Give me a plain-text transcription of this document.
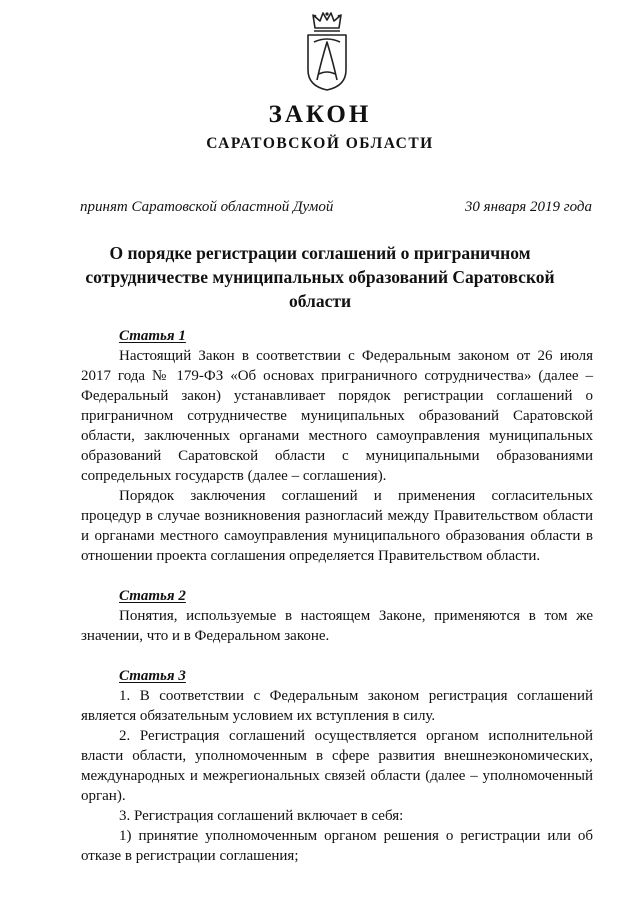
ЗАКОН
САРАТОВСКОЙ ОБЛАСТИ
принят Саратовской областной Думой	30 января 2019 года
О порядке регистрации соглашений о приграничном сотрудничестве муниципальных образований Саратовской области
Статья 1

Настоящий Закон в соответствии с Федеральным законом от 26 июля 2017 года № 179-ФЗ «Об основах приграничного сотрудничества» (далее – Федеральный закон) устанавливает порядок регистрации соглашений о приграничном сотрудничестве муниципальных образований Саратовской области, заключенных органами местного самоуправления муниципальных образований Саратовской области с муниципальными образованиями сопредельных государств (далее – соглашения).

Порядок заключения соглашений и применения согласительных процедур в случае возникновения разногласий между Правительством области и органами местного самоуправления муниципального образования области в отношении проекта соглашения определяется Правительством области.

Статья 2

Понятия, используемые в настоящем Законе, применяются в том же значении, что и в Федеральном законе.

Статья 3

1. В соответствии с Федеральным законом регистрация соглашений является обязательным условием их вступления в силу.

2. Регистрация соглашений осуществляется органом исполнительной власти области, уполномоченным в сфере развития внешнеэкономических, международных и межрегиональных связей области (далее – уполномоченный орган).

3. Регистрация соглашений включает в себя:

1) принятие уполномоченным органом решения о регистрации или об отказе в регистрации соглашения;
